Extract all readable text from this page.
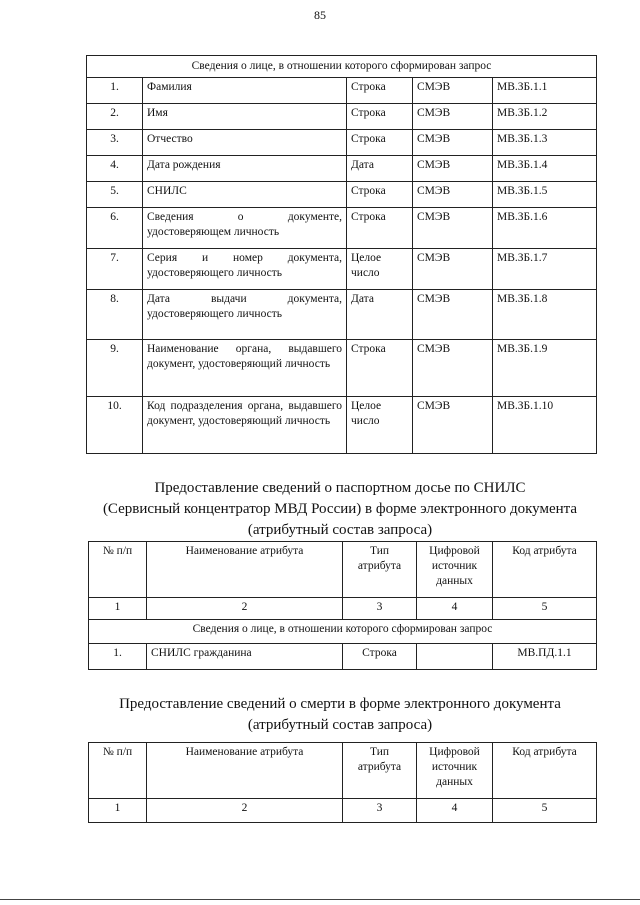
85
Сведения о лице, в отношении которого сформирован запрос				
1.	Фамилия	Строка	СМЭВ	МВ.ЗБ.1.1
2.	Имя	Строка	СМЭВ	МВ.ЗБ.1.2
3.	Отчество	Строка	СМЭВ	МВ.ЗБ.1.3
4.	Дата рождения	Дата	СМЭВ	МВ.ЗБ.1.4
5.	СНИЛС	Строка	СМЭВ	МВ.ЗБ.1.5
6.	Сведения о документе, удостоверяющем личность	Строка	СМЭВ	МВ.ЗБ.1.6
7.	Серия и номер документа, удостоверяющего личность	Целое число	СМЭВ	МВ.ЗБ.1.7
8.	Дата выдачи документа, удостоверяющего личность	Дата	СМЭВ	МВ.ЗБ.1.8
9.	Наименование органа, выдавшего документ, удостоверяющий личность	Строка	СМЭВ	МВ.ЗБ.1.9
10.	Код подразделения органа, выдавшего документ, удостоверяющий личность	Целое число	СМЭВ	МВ.ЗБ.1.10
Предоставление сведений о паспортном досье по СНИЛС
(Сервисный концентратор МВД России) в форме электронного документа
(атрибутный состав запроса)
№ п/п	Наименование атрибута	Тип атрибута	Цифровой источник данных	Код атрибута
1	2	3	4	5
Сведения о лице, в отношении которого сформирован запрос				
1.	СНИЛС гражданина	Строка		МВ.ПД.1.1
Предоставление сведений о смерти в форме электронного документа
(атрибутный состав запроса)
№ п/п	Наименование атрибута	Тип атрибута	Цифровой источник данных	Код атрибута
1	2	3	4	5
